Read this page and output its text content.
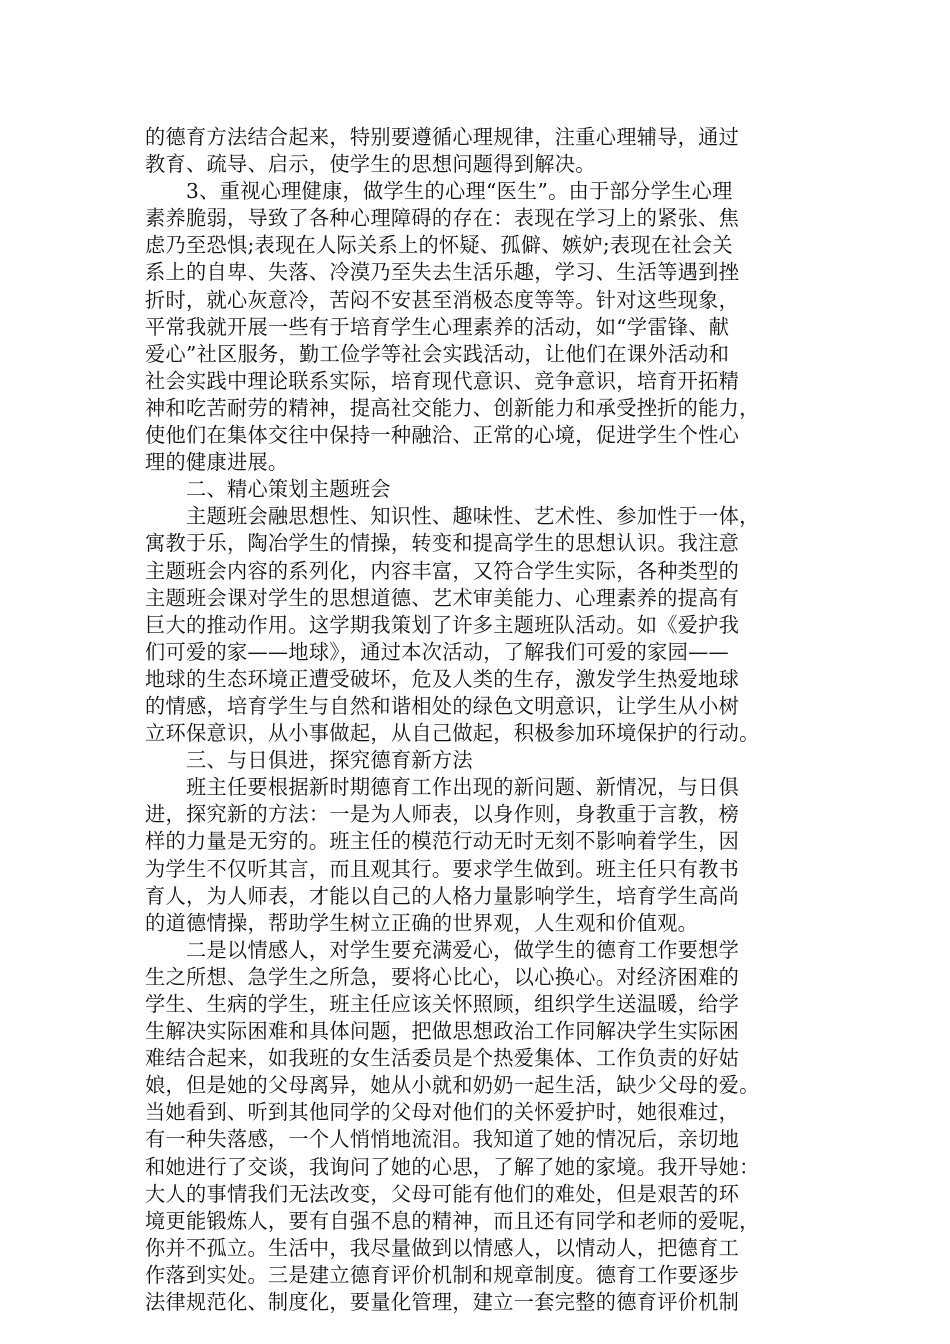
的德育方法结合起来，特别要遵循心理规律，注重心理辅导，通过
教育、疏导、启示，使学生的思想问题得到解决。
　　3、重视心理健康，做学生的心理“医生”。由于部分学生心理
素养脆弱，导致了各种心理障碍的存在：表现在学习上的紧张、焦
虑乃至恐惧;表现在人际关系上的怀疑、孤僻、嫉妒;表现在社会关
系上的自卑、失落、冷漠乃至失去生活乐趣，学习、生活等遇到挫
折时，就心灰意冷，苦闷不安甚至消极态度等等。针对这些现象，
平常我就开展一些有于培育学生心理素养的活动，如“学雷锋、献
爱心”社区服务，勤工俭学等社会实践活动，让他们在课外活动和
社会实践中理论联系实际，培育现代意识、竞争意识，培育开拓精
神和吃苦耐劳的精神，提高社交能力、创新能力和承受挫折的能力，
使他们在集体交往中保持一种融洽、正常的心境，促进学生个性心
理的健康进展。
　　二、精心策划主题班会
　　主题班会融思想性、知识性、趣味性、艺术性、参加性于一体，
寓教于乐，陶冶学生的情操，转变和提高学生的思想认识。我注意
主题班会内容的系列化，内容丰富，又符合学生实际，各种类型的
主题班会课对学生的思想道德、艺术审美能力、心理素养的提高有
巨大的推动作用。这学期我策划了许多主题班队活动。如《爱护我
们可爱的家——地球》，通过本次活动，了解我们可爱的家园——
地球的生态环境正遭受破坏，危及人类的生存，激发学生热爱地球
的情感，培育学生与自然和谐相处的绿色文明意识，让学生从小树
立环保意识，从小事做起，从自己做起，积极参加环境保护的行动。
　　三、与日俱进，探究德育新方法
　　班主任要根据新时期德育工作出现的新问题、新情况，与日俱
进，探究新的方法：一是为人师表，以身作则，身教重于言教，榜
样的力量是无穷的。班主任的模范行动无时无刻不影响着学生，因
为学生不仅听其言，而且观其行。要求学生做到。班主任只有教书
育人，为人师表，才能以自己的人格力量影响学生，培育学生高尚
的道德情操，帮助学生树立正确的世界观，人生观和价值观。
　　二是以情感人，对学生要充满爱心，做学生的德育工作要想学
生之所想、急学生之所急，要将心比心，以心换心。对经济困难的
学生、生病的学生，班主任应该关怀照顾，组织学生送温暖，给学
生解决实际困难和具体问题，把做思想政治工作同解决学生实际困
难结合起来，如我班的女生活委员是个热爱集体、工作负责的好姑
娘，但是她的父母离异，她从小就和奶奶一起生活，缺少父母的爱。
当她看到、听到其他同学的父母对他们的关怀爱护时，她很难过，
有一种失落感，一个人悄悄地流泪。我知道了她的情况后，亲切地
和她进行了交谈，我询问了她的心思，了解了她的家境。我开导她：
大人的事情我们无法改变，父母可能有他们的难处，但是艰苦的环
境更能锻炼人，要有自强不息的精神，而且还有同学和老师的爱呢，
你并不孤立。生活中，我尽量做到以情感人，以情动人，把德育工
作落到实处。三是建立德育评价机制和规章制度。德育工作要逐步
法律规范化、制度化，要量化管理，建立一套完整的德育评价机制
